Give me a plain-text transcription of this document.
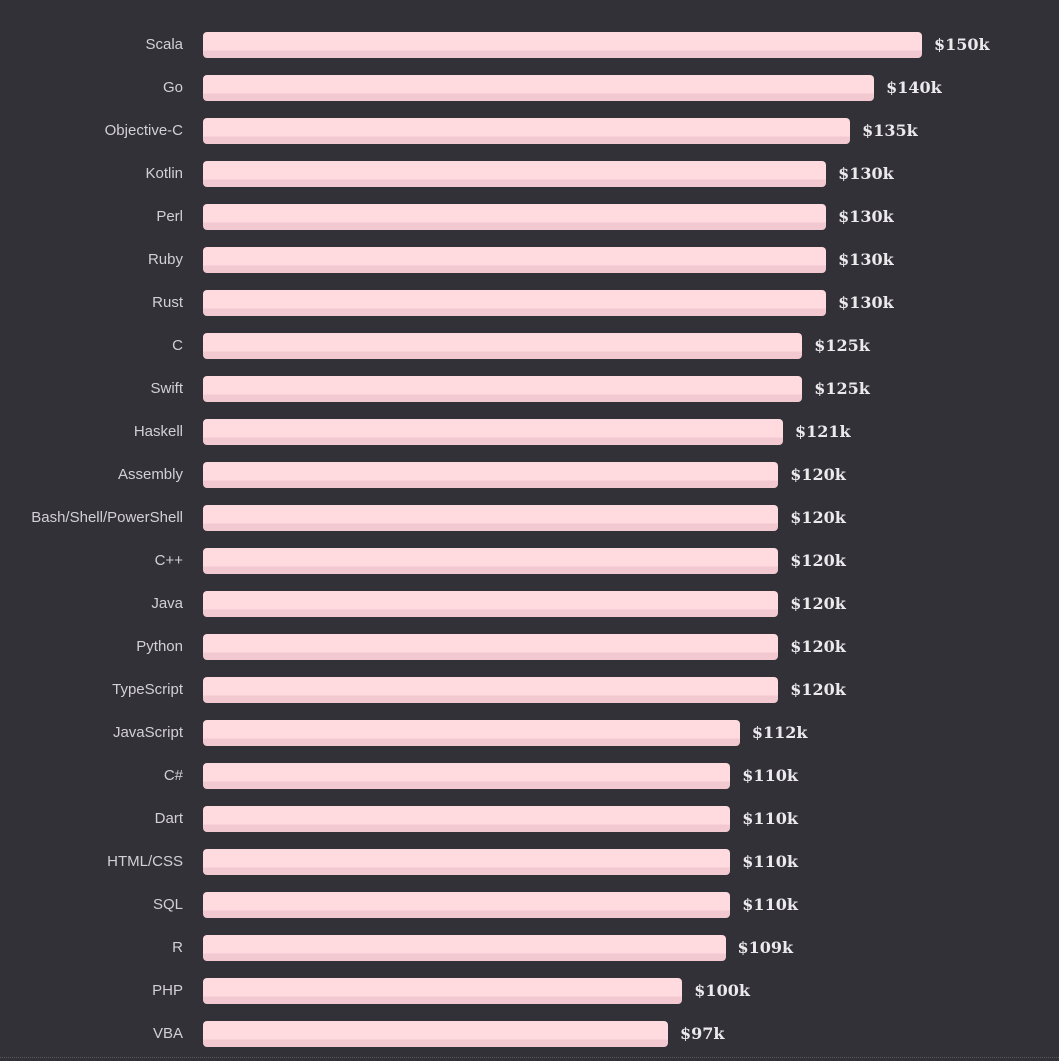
Scala	$150k
Go	$140k
Objective-C	$135k
Kotlin	$130k
Perl	$130k
Ruby	$130k
Rust	$130k
C	$125k
Swift	$125k
Haskell	$121k
Assembly	$120k
Bash/Shell/PowerShell	$120k
C++	$120k
Java	$120k
Python	$120k
TypeScript	$120k
JavaScript	$112k
C#	$110k
Dart	$110k
HTML/CSS	$110k
SQL	$110k
R	$109k
PHP	$100k
VBA	$97k
